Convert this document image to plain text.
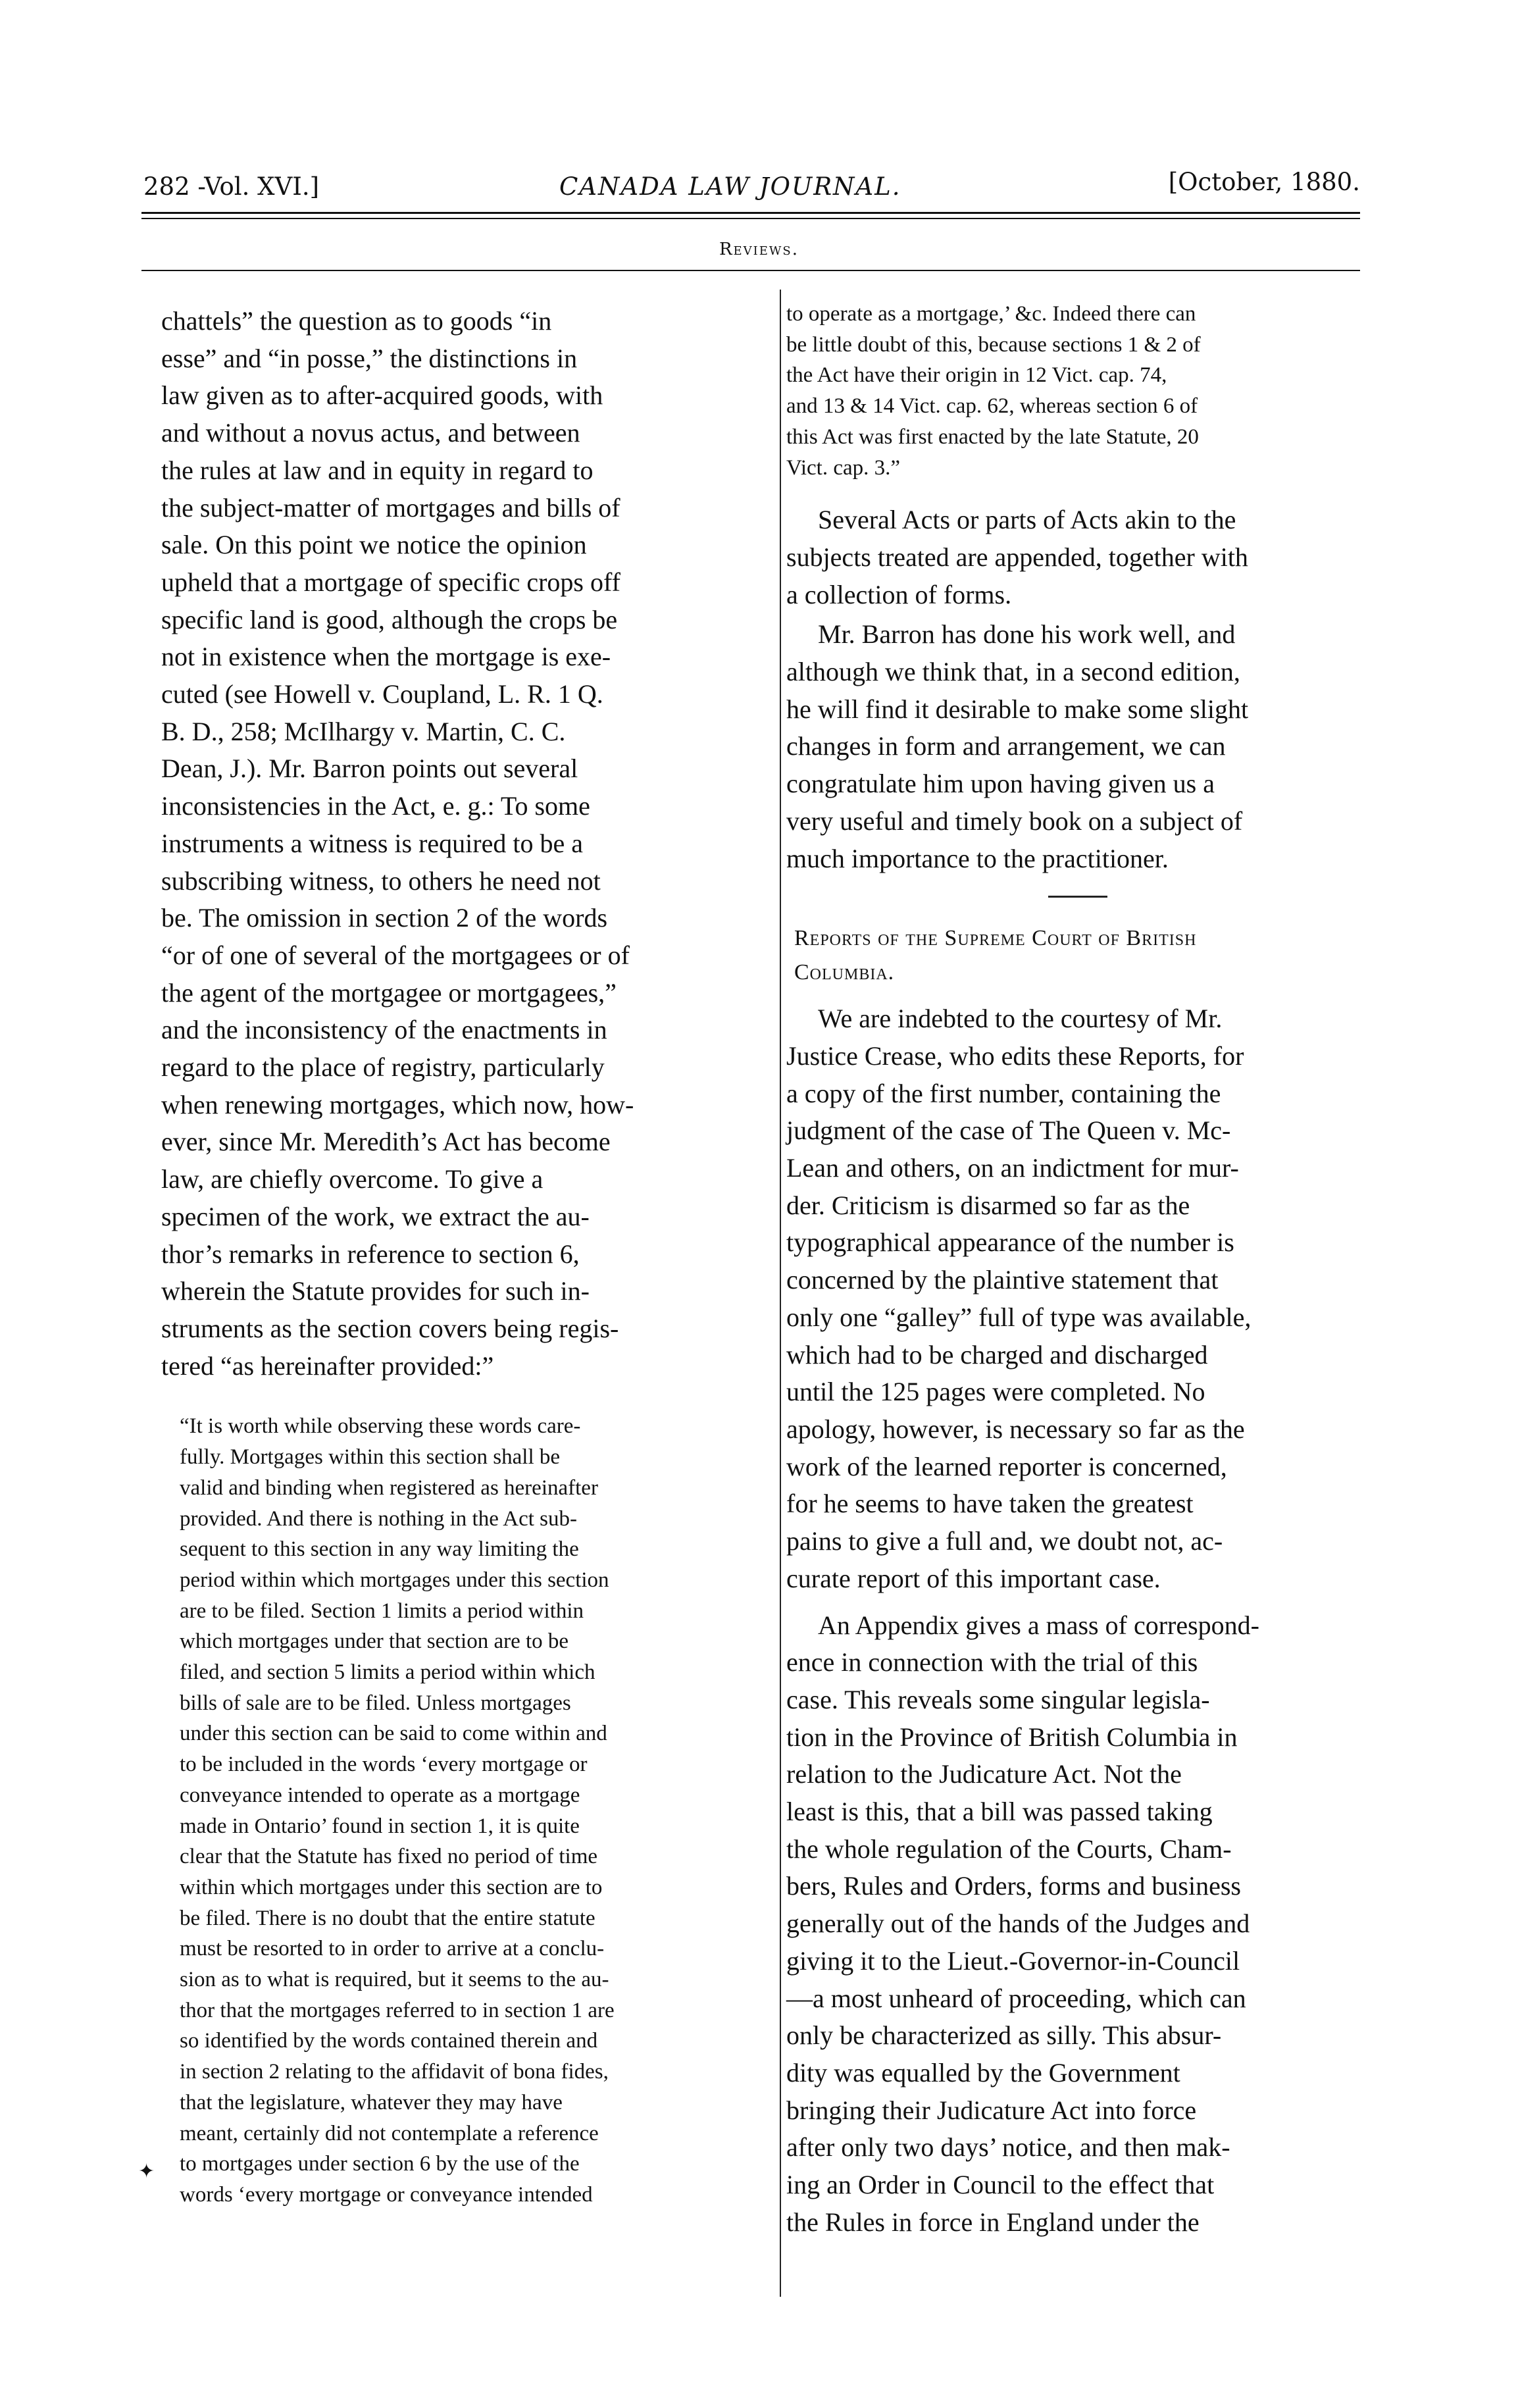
282 -Vol. XVI.]	CANADA LAW JOURNAL.	[October, 1880.
Reviews.

chattels” the question as to goods “in
esse” and “in posse,” the distinctions in
law given as to after-acquired goods, with
and without a novus actus, and between
the rules at law and in equity in regard to
the subject-matter of mortgages and bills of
sale. On this point we notice the opinion
upheld that a mortgage of specific crops off
specific land is good, although the crops be
not in existence when the mortgage is exe-
cuted (see Howell v. Coupland, L. R. 1 Q.
B. D., 258; McIlhargy v. Martin, C. C.
Dean, J.). Mr. Barron points out several
inconsistencies in the Act, e. g.: To some
instruments a witness is required to be a
subscribing witness, to others he need not
be. The omission in section 2 of the words
“or of one of several of the mortgagees or of
the agent of the mortgagee or mortgagees,”
and the inconsistency of the enactments in
regard to the place of registry, particularly
when renewing mortgages, which now, how-
ever, since Mr. Meredith’s Act has become
law, are chiefly overcome. To give a
specimen of the work, we extract the au-
thor’s remarks in reference to section 6,
wherein the Statute provides for such in-
struments as the section covers being regis-
tered “as hereinafter provided:”

“It is worth while observing these words care-
fully. Mortgages within this section shall be
valid and binding when registered as hereinafter
provided. And there is nothing in the Act sub-
sequent to this section in any way limiting the
period within which mortgages under this section
are to be filed. Section 1 limits a period within
which mortgages under that section are to be
filed, and section 5 limits a period within which
bills of sale are to be filed. Unless mortgages
under this section can be said to come within and
to be included in the words ‘every mortgage or
conveyance intended to operate as a mortgage
made in Ontario’ found in section 1, it is quite
clear that the Statute has fixed no period of time
within which mortgages under this section are to
be filed. There is no doubt that the entire statute
must be resorted to in order to arrive at a conclu-
sion as to what is required, but it seems to the au-
thor that the mortgages referred to in section 1 are
so identified by the words contained therein and
in section 2 relating to the affidavit of bona fides,
that the legislature, whatever they may have
meant, certainly did not contemplate a reference
to mortgages under section 6 by the use of the
words ‘every mortgage or conveyance intended

to operate as a mortgage,’ &c. Indeed there can
be little doubt of this, because sections 1 & 2 of
the Act have their origin in 12 Vict. cap. 74,
and 13 & 14 Vict. cap. 62, whereas section 6 of
this Act was first enacted by the late Statute, 20
Vict. cap. 3.”

Several Acts or parts of Acts akin to the
subjects treated are appended, together with
a collection of forms.

Mr. Barron has done his work well, and
although we think that, in a second edition,
he will find it desirable to make some slight
changes in form and arrangement, we can
congratulate him upon having given us a
very useful and timely book on a subject of
much importance to the practitioner.

Reports of the Supreme Court of British
Columbia.

We are indebted to the courtesy of Mr.
Justice Crease, who edits these Reports, for
a copy of the first number, containing the
judgment of the case of The Queen v. Mc-
Lean and others, on an indictment for mur-
der. Criticism is disarmed so far as the
typographical appearance of the number is
concerned by the plaintive statement that
only one “galley” full of type was available,
which had to be charged and discharged
until the 125 pages were completed. No
apology, however, is necessary so far as the
work of the learned reporter is concerned,
for he seems to have taken the greatest
pains to give a full and, we doubt not, ac-
curate report of this important case.

An Appendix gives a mass of correspond-
ence in connection with the trial of this
case. This reveals some singular legisla-
tion in the Province of British Columbia in
relation to the Judicature Act. Not the
least is this, that a bill was passed taking
the whole regulation of the Courts, Cham-
bers, Rules and Orders, forms and business
generally out of the hands of the Judges and
giving it to the Lieut.-Governor-in-Council
—a most unheard of proceeding, which can
only be characterized as silly. This absur-
dity was equalled by the Government
bringing their Judicature Act into force
after only two days’ notice, and then mak-
ing an Order in Council to the effect that
the Rules in force in England under the

✦
